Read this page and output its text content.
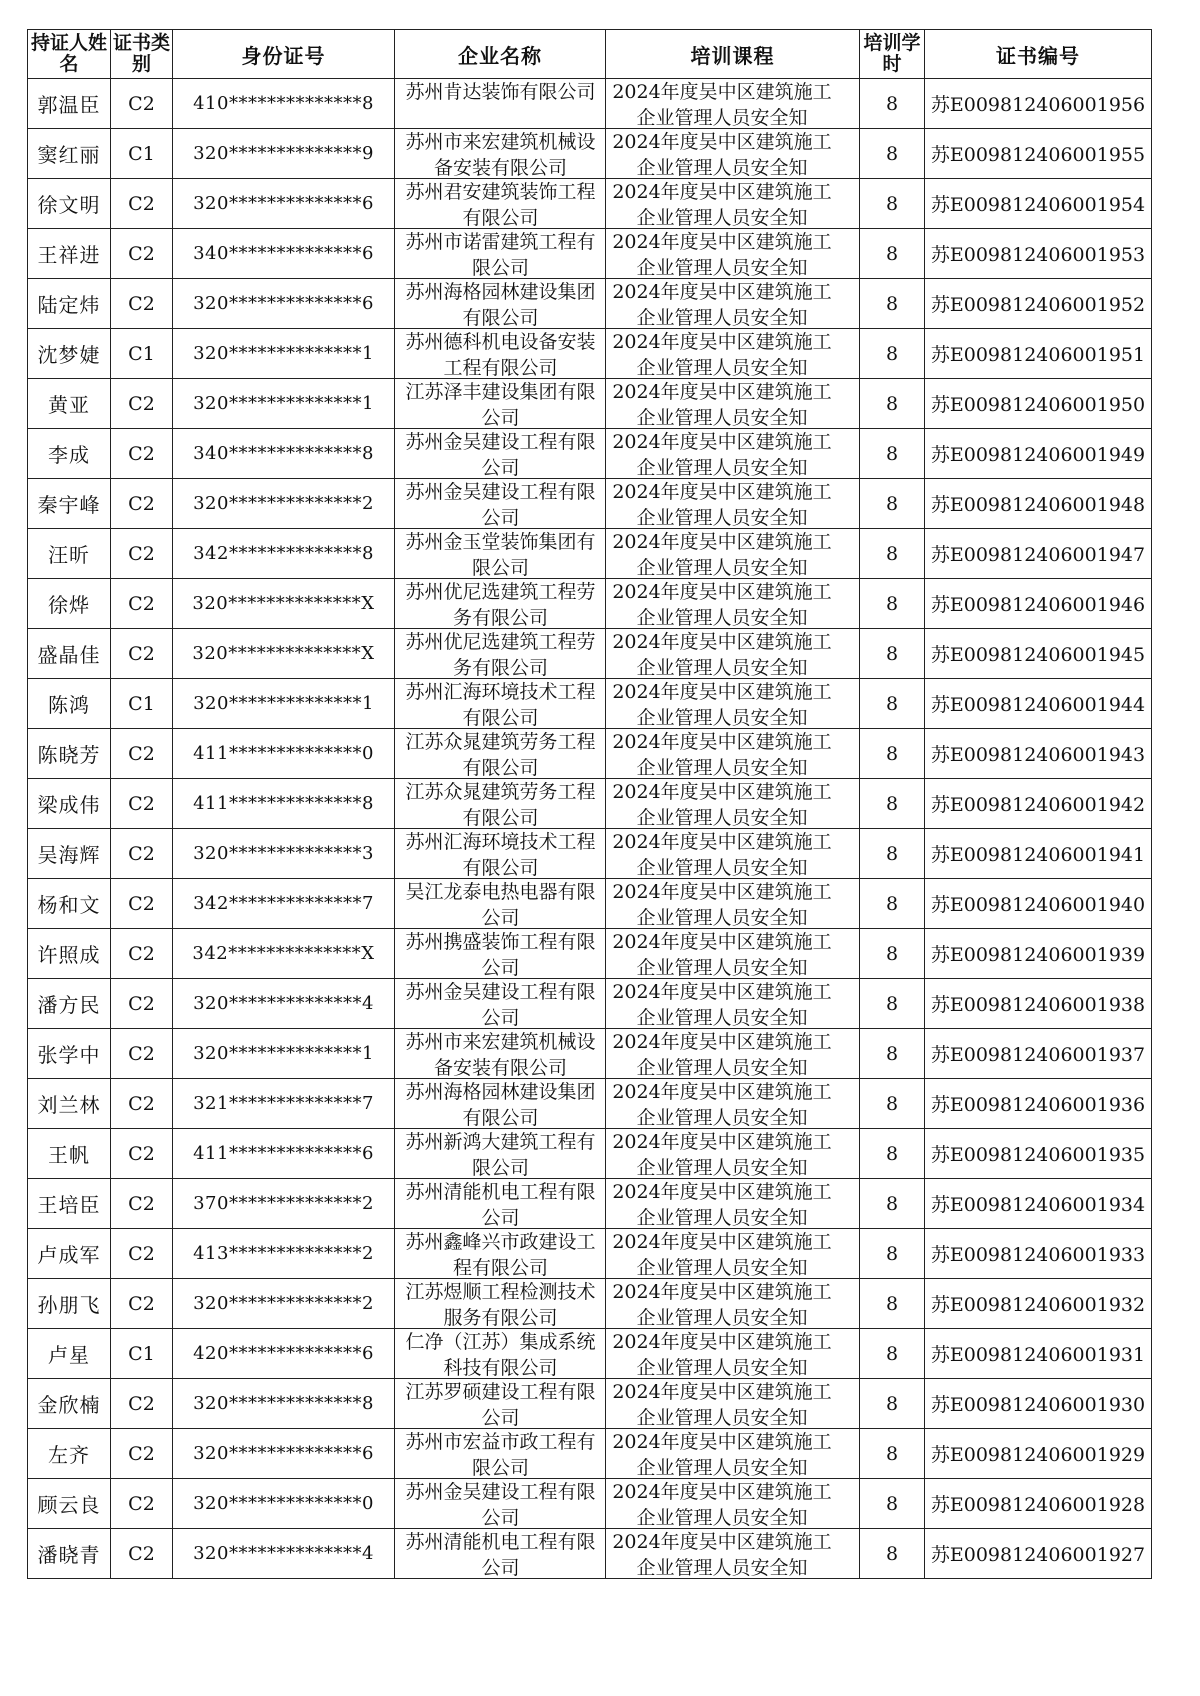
持证人姓名	证书类别	身份证号	企业名称	培训课程	培训学时	证书编号
郭温臣	C2	410**************8	苏州肯达装饰有限公司	2024年度吴中区建筑施工企业管理人员安全知	8	苏E009812406001956
窦红丽	C1	320**************9	苏州市来宏建筑机械设备安装有限公司	2024年度吴中区建筑施工企业管理人员安全知	8	苏E009812406001955
徐文明	C2	320**************6	苏州君安建筑装饰工程有限公司	2024年度吴中区建筑施工企业管理人员安全知	8	苏E009812406001954
王祥进	C2	340**************6	苏州市诺雷建筑工程有限公司	2024年度吴中区建筑施工企业管理人员安全知	8	苏E009812406001953
陆定炜	C2	320**************6	苏州海格园林建设集团有限公司	2024年度吴中区建筑施工企业管理人员安全知	8	苏E009812406001952
沈梦婕	C1	320**************1	苏州德科机电设备安装工程有限公司	2024年度吴中区建筑施工企业管理人员安全知	8	苏E009812406001951
黄亚	C2	320**************1	江苏泽丰建设集团有限公司	2024年度吴中区建筑施工企业管理人员安全知	8	苏E009812406001950
李成	C2	340**************8	苏州金吴建设工程有限公司	2024年度吴中区建筑施工企业管理人员安全知	8	苏E009812406001949
秦宇峰	C2	320**************2	苏州金吴建设工程有限公司	2024年度吴中区建筑施工企业管理人员安全知	8	苏E009812406001948
汪昕	C2	342**************8	苏州金玉堂装饰集团有限公司	2024年度吴中区建筑施工企业管理人员安全知	8	苏E009812406001947
徐烨	C2	320**************X	苏州优尼选建筑工程劳务有限公司	2024年度吴中区建筑施工企业管理人员安全知	8	苏E009812406001946
盛晶佳	C2	320**************X	苏州优尼选建筑工程劳务有限公司	2024年度吴中区建筑施工企业管理人员安全知	8	苏E009812406001945
陈鸿	C1	320**************1	苏州汇海环境技术工程有限公司	2024年度吴中区建筑施工企业管理人员安全知	8	苏E009812406001944
陈晓芳	C2	411**************0	江苏众晁建筑劳务工程有限公司	2024年度吴中区建筑施工企业管理人员安全知	8	苏E009812406001943
梁成伟	C2	411**************8	江苏众晁建筑劳务工程有限公司	2024年度吴中区建筑施工企业管理人员安全知	8	苏E009812406001942
吴海辉	C2	320**************3	苏州汇海环境技术工程有限公司	2024年度吴中区建筑施工企业管理人员安全知	8	苏E009812406001941
杨和文	C2	342**************7	吴江龙泰电热电器有限公司	2024年度吴中区建筑施工企业管理人员安全知	8	苏E009812406001940
许照成	C2	342**************X	苏州携盛装饰工程有限公司	2024年度吴中区建筑施工企业管理人员安全知	8	苏E009812406001939
潘方民	C2	320**************4	苏州金吴建设工程有限公司	2024年度吴中区建筑施工企业管理人员安全知	8	苏E009812406001938
张学中	C2	320**************1	苏州市来宏建筑机械设备安装有限公司	2024年度吴中区建筑施工企业管理人员安全知	8	苏E009812406001937
刘兰林	C2	321**************7	苏州海格园林建设集团有限公司	2024年度吴中区建筑施工企业管理人员安全知	8	苏E009812406001936
王帆	C2	411**************6	苏州新鸿大建筑工程有限公司	2024年度吴中区建筑施工企业管理人员安全知	8	苏E009812406001935
王培臣	C2	370**************2	苏州清能机电工程有限公司	2024年度吴中区建筑施工企业管理人员安全知	8	苏E009812406001934
卢成军	C2	413**************2	苏州鑫峰兴市政建设工程有限公司	2024年度吴中区建筑施工企业管理人员安全知	8	苏E009812406001933
孙朋飞	C2	320**************2	江苏煜顺工程检测技术服务有限公司	2024年度吴中区建筑施工企业管理人员安全知	8	苏E009812406001932
卢星	C1	420**************6	仁净（江苏）集成系统科技有限公司	2024年度吴中区建筑施工企业管理人员安全知	8	苏E009812406001931
金欣楠	C2	320**************8	江苏罗硕建设工程有限公司	2024年度吴中区建筑施工企业管理人员安全知	8	苏E009812406001930
左齐	C2	320**************6	苏州市宏益市政工程有限公司	2024年度吴中区建筑施工企业管理人员安全知	8	苏E009812406001929
顾云良	C2	320**************0	苏州金吴建设工程有限公司	2024年度吴中区建筑施工企业管理人员安全知	8	苏E009812406001928
潘晓青	C2	320**************4	苏州清能机电工程有限公司	2024年度吴中区建筑施工企业管理人员安全知	8	苏E009812406001927
